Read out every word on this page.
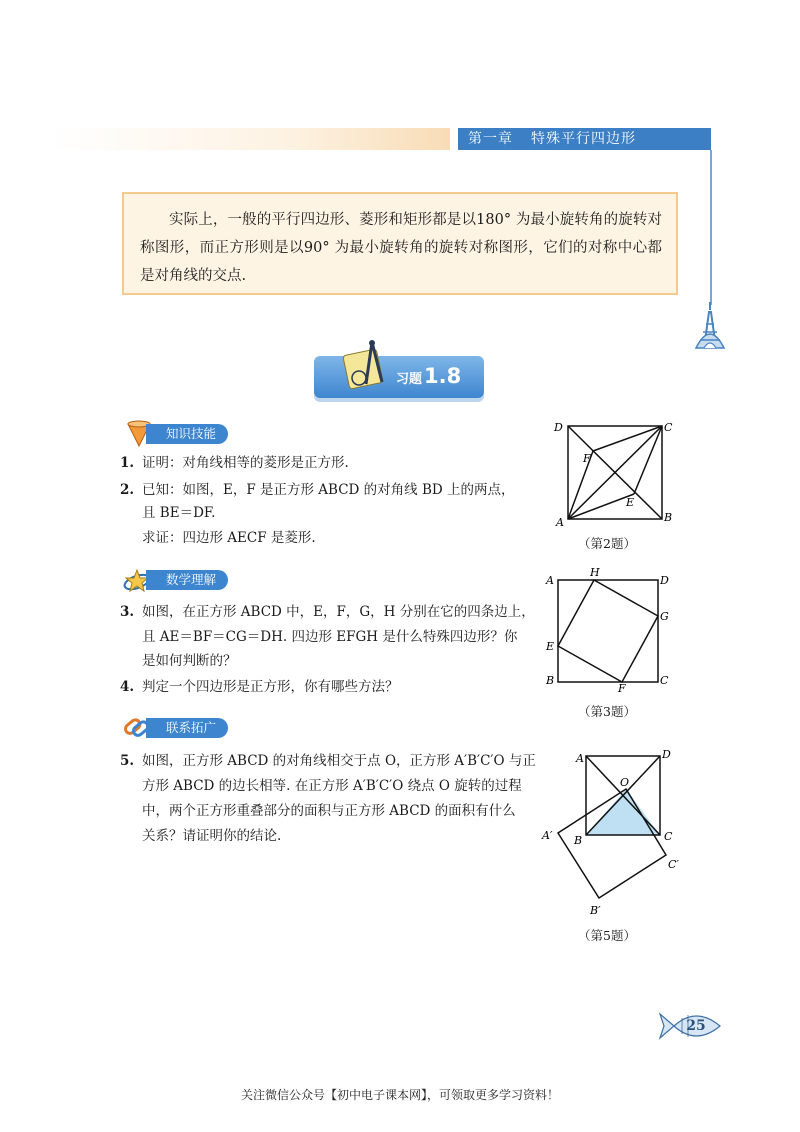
第一章 特殊平行四边形
实际上，一般的平行四边形、菱形和矩形都是以180° 为最小旋转角的旋转对称图形，而正方形则是以90° 为最小旋转角的旋转对称图形，它们的对称中心都是对角线的交点.
习题1.8
知识技能
1. 证明：对角线相等的菱形是正方形.
2. 已知：如图，E，F 是正方形 ABCD 的对角线 BD 上的两点，
且 BE＝DF.
求证：四边形 AECF 是菱形.
数学理解
3. 如图，在正方形 ABCD 中，E，F，G，H 分别在它的四条边上，
且 AE＝BF＝CG＝DH. 四边形 EFGH 是什么特殊四边形？你
是如何判断的？
4. 判定一个四边形是正方形，你有哪些方法？
联系拓广
5. 如图，正方形 ABCD 的对角线相交于点 O，正方形 A′B′C′O 与正
方形 ABCD 的边长相等. 在正方形 A′B′C′O 绕点 O 旋转的过程
中，两个正方形重叠部分的面积与正方形 ABCD 的面积有什么
关系？请证明你的结论.
D	C
A	B
F
E
（第2题）
A
H
D
G
C
F
B
E
（第3题）
A	D
O
C
B
A′
C′
B′
（第5题）
25
关注微信公众号【初中电子课本网】，可领取更多学习资料！
